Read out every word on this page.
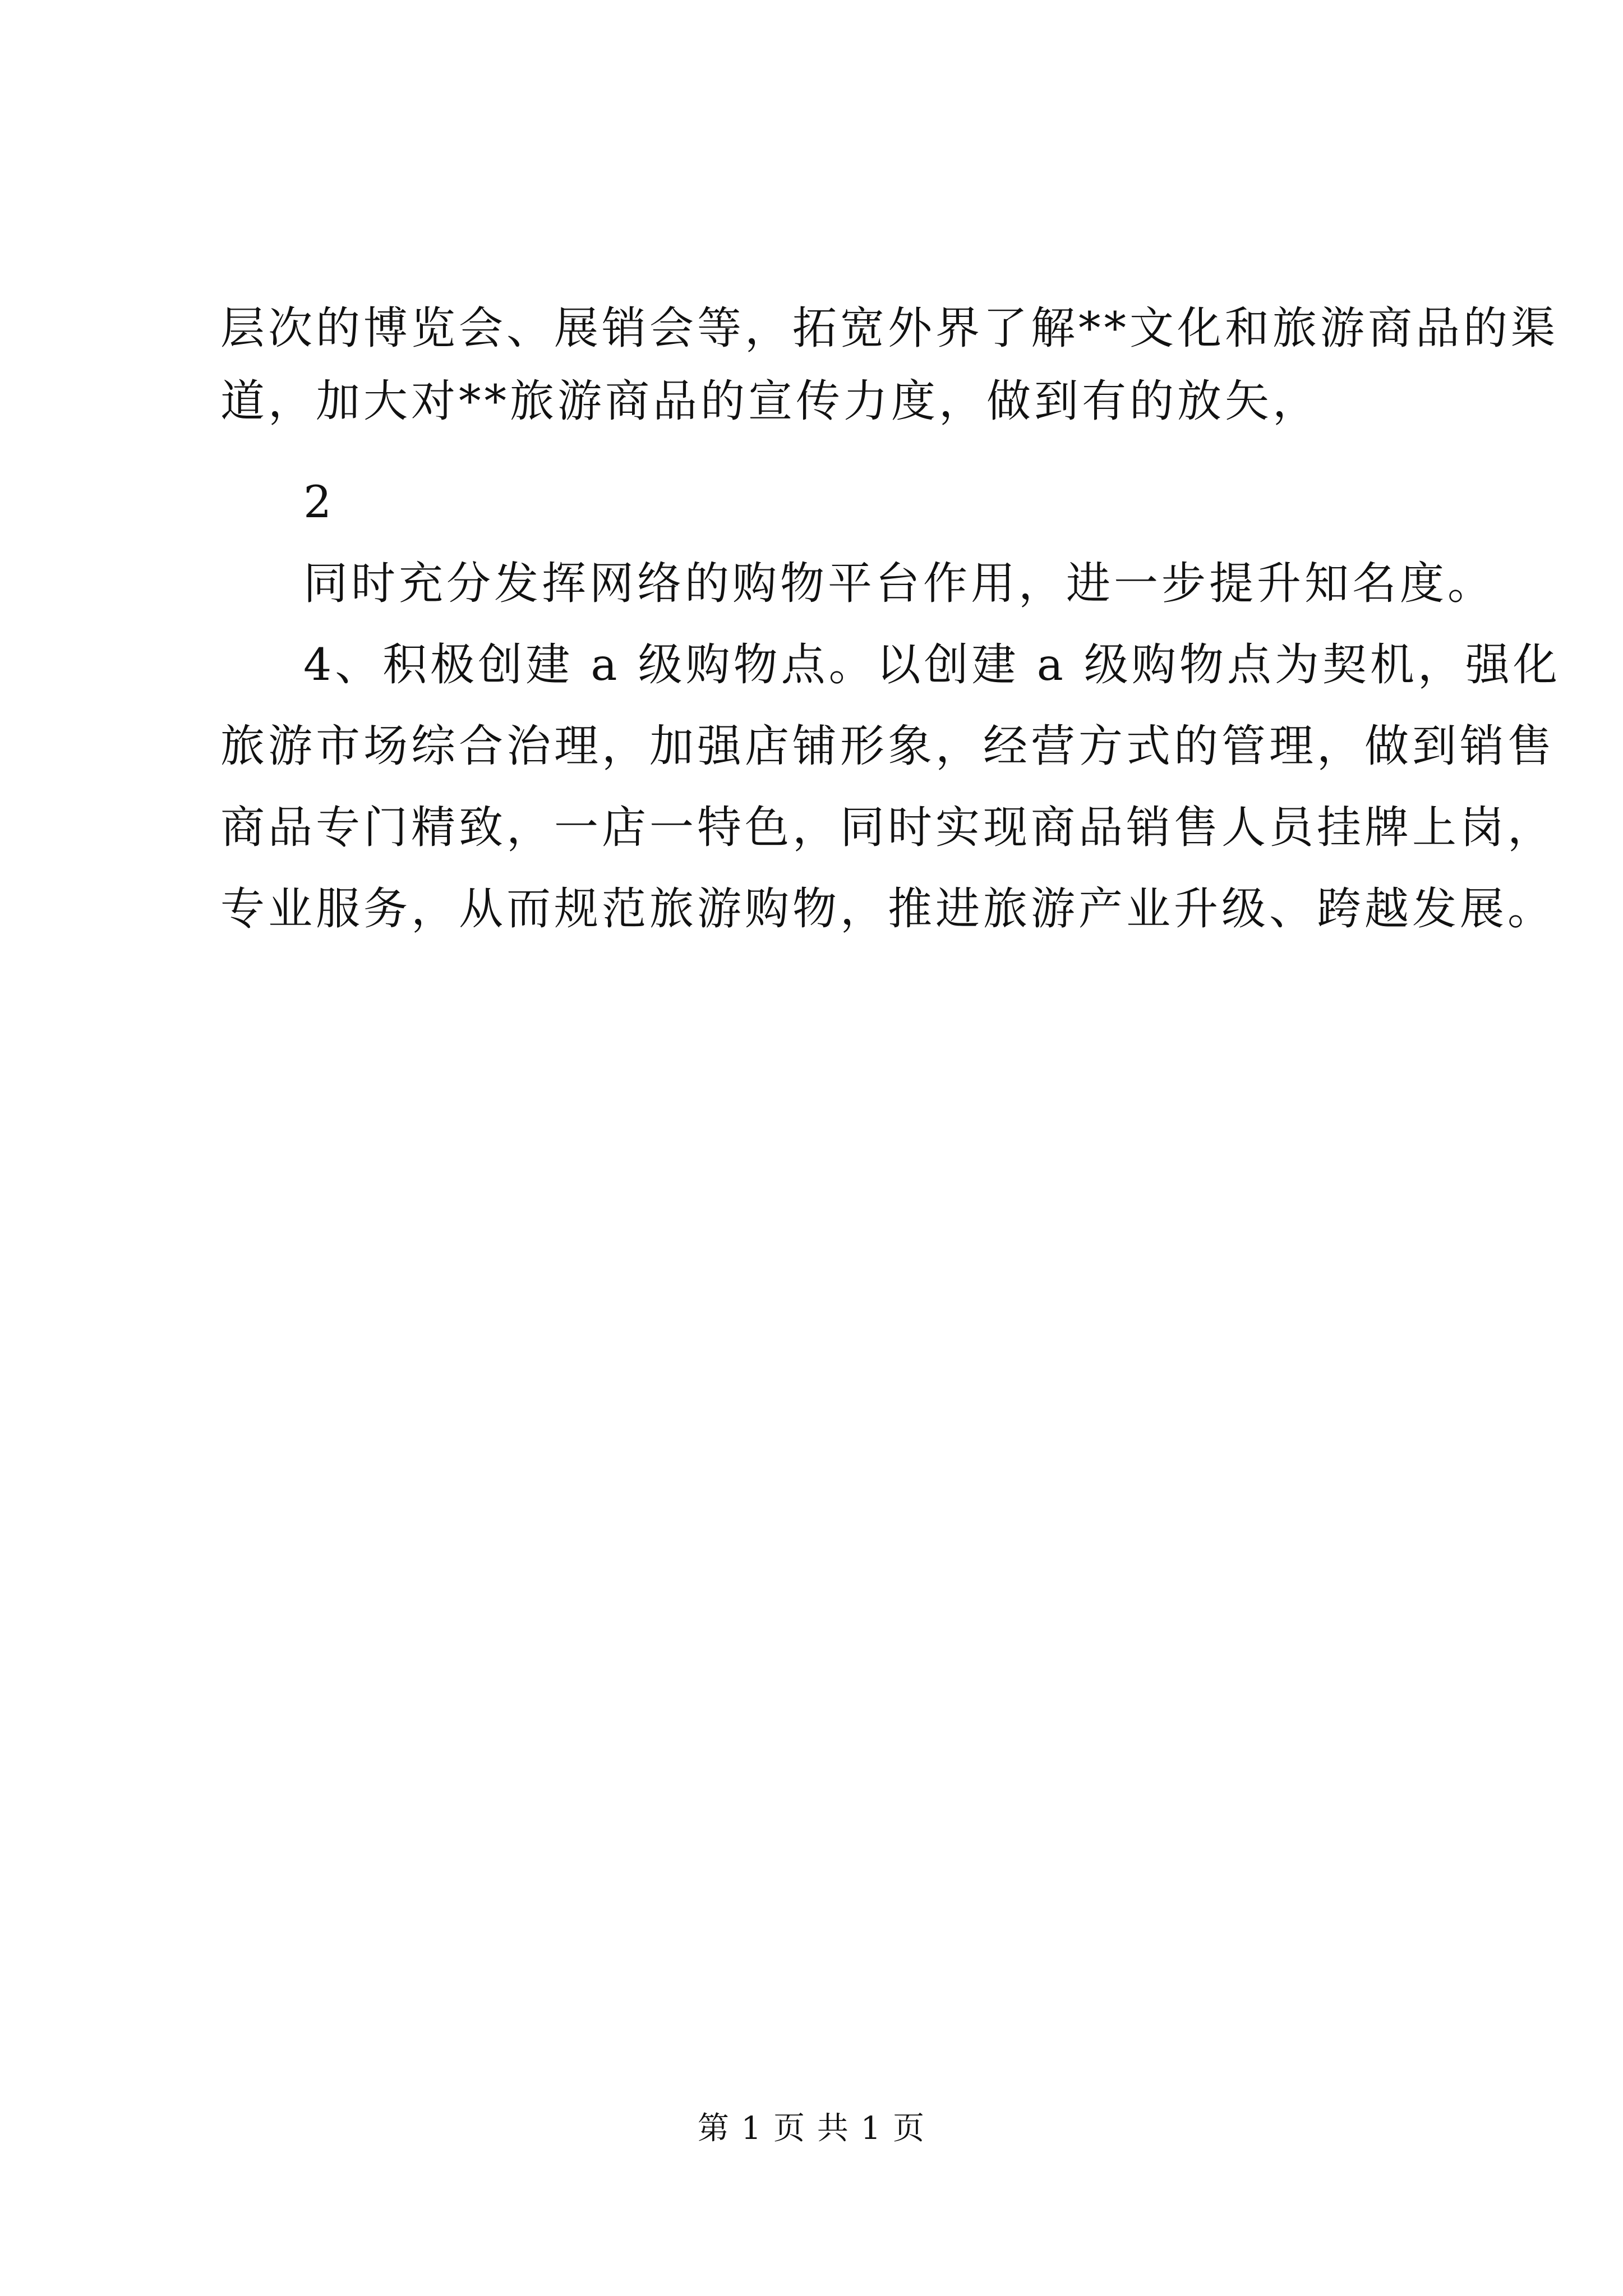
层次的博览会、展销会等，拓宽外界了解**文化和旅游商品的渠
道，加大对**旅游商品的宣传力度，做到有的放矢，
2
同时充分发挥网络的购物平台作用，进一步提升知名度。
4、积极创建 a 级购物点。以创建 a 级购物点为契机，强化
旅游市场综合治理，加强店铺形象，经营方式的管理，做到销售
商品专门精致，一店一特色，同时实现商品销售人员挂牌上岗，
专业服务，从而规范旅游购物，推进旅游产业升级、跨越发展。
第 1 页 共 1 页
